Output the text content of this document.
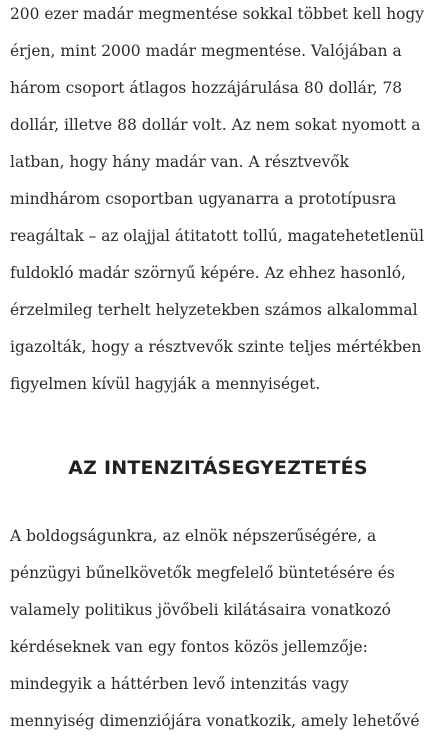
200 ezer madár megmentése sokkal többet kell hogy
érjen, mint 2000 madár megmentése. Valójában a
három csoport átlagos hozzájárulása 80 dollár, 78
dollár, illetve 88 dollár volt. Az nem sokat nyomott a
latban, hogy hány madár van. A résztvevők
mindhárom csoportban ugyanarra a prototípusra
reagáltak – az olajjal átitatott tollú, magatehetetlenül
fuldokló madár szörnyű képére. Az ehhez hasonló,
érzelmileg terhelt helyzetekben számos alkalommal
igazolták, hogy a résztvevők szinte teljes mértékben
figyelmen kívül hagyják a mennyiséget.
AZ INTENZITÁSEGYEZTETÉS
A boldogságunkra, az elnök népszerűségére, a
pénzügyi bűnelkövetők megfelelő büntetésére és
valamely politikus jövőbeli kilátásaira vonatkozó
kérdéseknek van egy fontos közös jellemzője:
mindegyik a háttérben levő intenzitás vagy
mennyiség dimenziójára vonatkozik, amely lehetővé
